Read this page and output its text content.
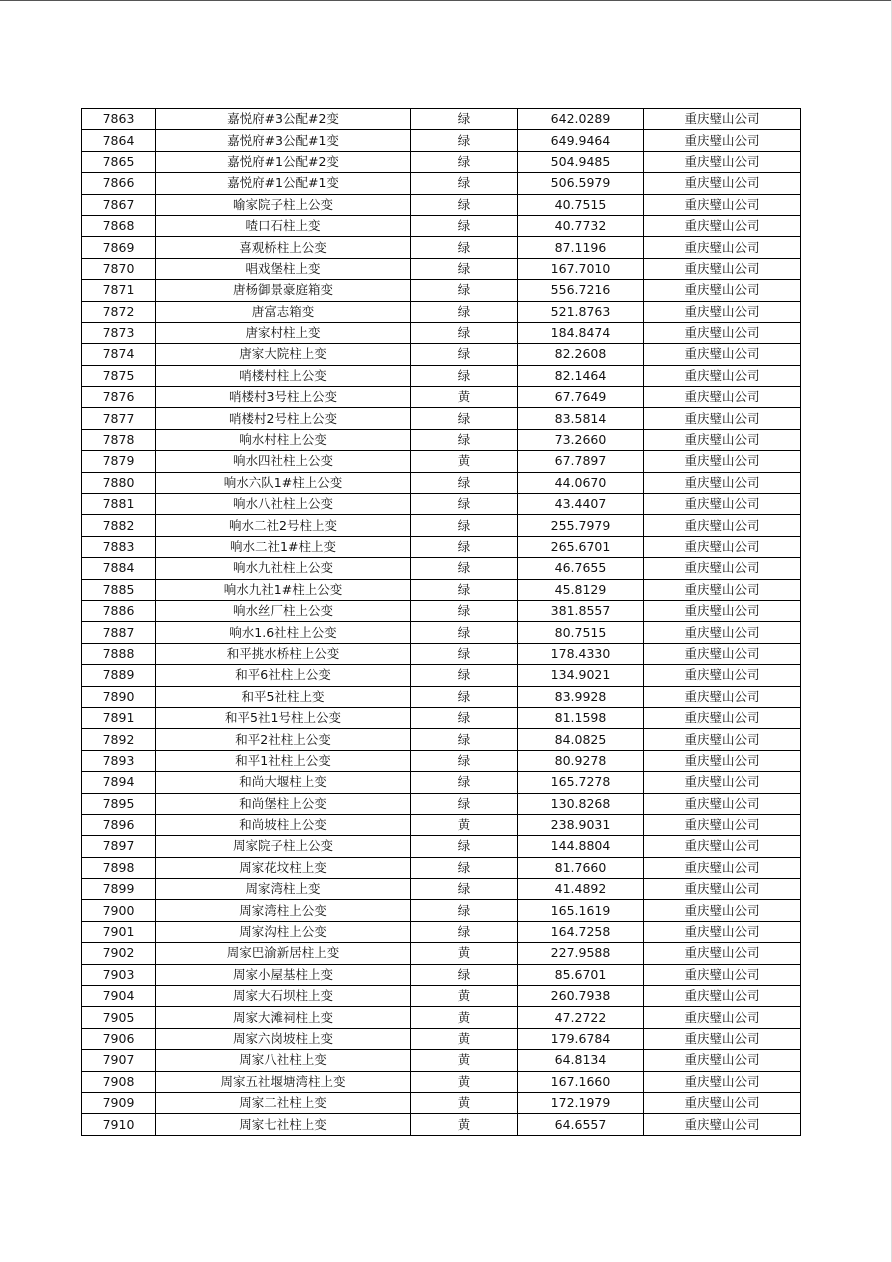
7863	嘉悦府#3公配#2变	绿	642.0289	重庆璧山公司
7864	嘉悦府#3公配#1变	绿	649.9464	重庆璧山公司
7865	嘉悦府#1公配#2变	绿	504.9485	重庆璧山公司
7866	嘉悦府#1公配#1变	绿	506.5979	重庆璧山公司
7867	喻家院子柱上公变	绿	40.7515	重庆璧山公司
7868	喳口石柱上变	绿	40.7732	重庆璧山公司
7869	喜观桥柱上公变	绿	87.1196	重庆璧山公司
7870	唱戏堡柱上变	绿	167.7010	重庆璧山公司
7871	唐杨御景豪庭箱变	绿	556.7216	重庆璧山公司
7872	唐富志箱变	绿	521.8763	重庆璧山公司
7873	唐家村柱上变	绿	184.8474	重庆璧山公司
7874	唐家大院柱上变	绿	82.2608	重庆璧山公司
7875	哨楼村柱上公变	绿	82.1464	重庆璧山公司
7876	哨楼村3号柱上公变	黄	67.7649	重庆璧山公司
7877	哨楼村2号柱上公变	绿	83.5814	重庆璧山公司
7878	响水村柱上公变	绿	73.2660	重庆璧山公司
7879	响水四社柱上公变	黄	67.7897	重庆璧山公司
7880	响水六队1#柱上公变	绿	44.0670	重庆璧山公司
7881	响水八社柱上公变	绿	43.4407	重庆璧山公司
7882	响水二社2号柱上变	绿	255.7979	重庆璧山公司
7883	响水二社1#柱上变	绿	265.6701	重庆璧山公司
7884	响水九社柱上公变	绿	46.7655	重庆璧山公司
7885	响水九社1#柱上公变	绿	45.8129	重庆璧山公司
7886	响水丝厂柱上公变	绿	381.8557	重庆璧山公司
7887	响水1.6社柱上公变	绿	80.7515	重庆璧山公司
7888	和平挑水桥柱上公变	绿	178.4330	重庆璧山公司
7889	和平6社柱上公变	绿	134.9021	重庆璧山公司
7890	和平5社柱上变	绿	83.9928	重庆璧山公司
7891	和平5社1号柱上公变	绿	81.1598	重庆璧山公司
7892	和平2社柱上公变	绿	84.0825	重庆璧山公司
7893	和平1社柱上公变	绿	80.9278	重庆璧山公司
7894	和尚大堰柱上变	绿	165.7278	重庆璧山公司
7895	和尚堡柱上公变	绿	130.8268	重庆璧山公司
7896	和尚坡柱上公变	黄	238.9031	重庆璧山公司
7897	周家院子柱上公变	绿	144.8804	重庆璧山公司
7898	周家花坟柱上变	绿	81.7660	重庆璧山公司
7899	周家湾柱上变	绿	41.4892	重庆璧山公司
7900	周家湾柱上公变	绿	165.1619	重庆璧山公司
7901	周家沟柱上公变	绿	164.7258	重庆璧山公司
7902	周家巴渝新居柱上变	黄	227.9588	重庆璧山公司
7903	周家小屋基柱上变	绿	85.6701	重庆璧山公司
7904	周家大石坝柱上变	黄	260.7938	重庆璧山公司
7905	周家大滩祠柱上变	黄	47.2722	重庆璧山公司
7906	周家六岗坡柱上变	黄	179.6784	重庆璧山公司
7907	周家八社柱上变	黄	64.8134	重庆璧山公司
7908	周家五社堰塘湾柱上变	黄	167.1660	重庆璧山公司
7909	周家二社柱上变	黄	172.1979	重庆璧山公司
7910	周家七社柱上变	黄	64.6557	重庆璧山公司
